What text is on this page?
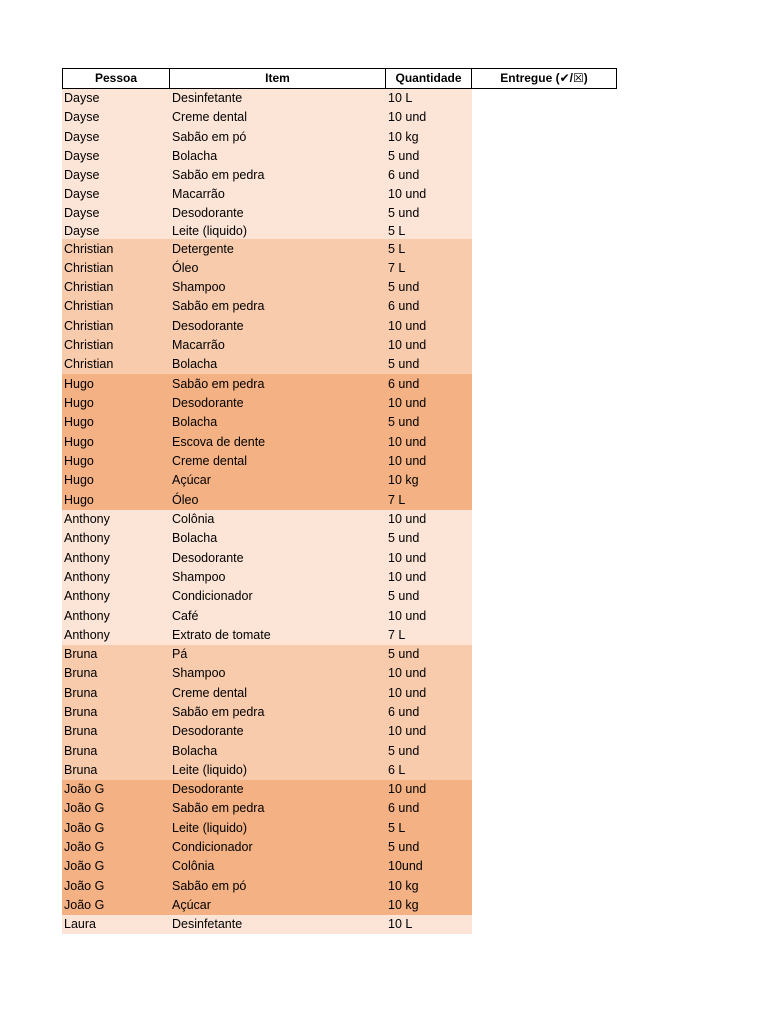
Pessoa	Item	Quantidade	Entregue (✔/☒)
Dayse	Desinfetante	10 L
Dayse	Creme dental	10 und
Dayse	Sabão em pó	10 kg
Dayse	Bolacha	5 und
Dayse	Sabão em pedra	6 und
Dayse	Macarrão	10 und
Dayse	Desodorante	5 und
Dayse	Leite (liquido)	5 L
Christian	Detergente	5 L
Christian	Óleo	7 L
Christian	Shampoo	5 und
Christian	Sabão em pedra	6 und
Christian	Desodorante	10 und
Christian	Macarrão	10 und
Christian	Bolacha	5 und
Hugo	Sabão em pedra	6 und
Hugo	Desodorante	10 und
Hugo	Bolacha	5 und
Hugo	Escova de dente	10 und
Hugo	Creme dental	10 und
Hugo	Açúcar	10 kg
Hugo	Óleo	7 L
Anthony	Colônia	10 und
Anthony	Bolacha	5 und
Anthony	Desodorante	10 und
Anthony	Shampoo	10 und
Anthony	Condicionador	5 und
Anthony	Café	10 und
Anthony	Extrato de tomate	7 L
Bruna	Pá	5 und
Bruna	Shampoo	10 und
Bruna	Creme dental	10 und
Bruna	Sabão em pedra	6 und
Bruna	Desodorante	10 und
Bruna	Bolacha	5 und
Bruna	Leite (liquido)	6 L
João G	Desodorante	10 und
João G	Sabão em pedra	6 und
João G	Leite (liquido)	5 L
João G	Condicionador	5 und
João G	Colônia	10und
João G	Sabão em pó	10 kg
João G	Açúcar	10 kg
Laura	Desinfetante	10 L
